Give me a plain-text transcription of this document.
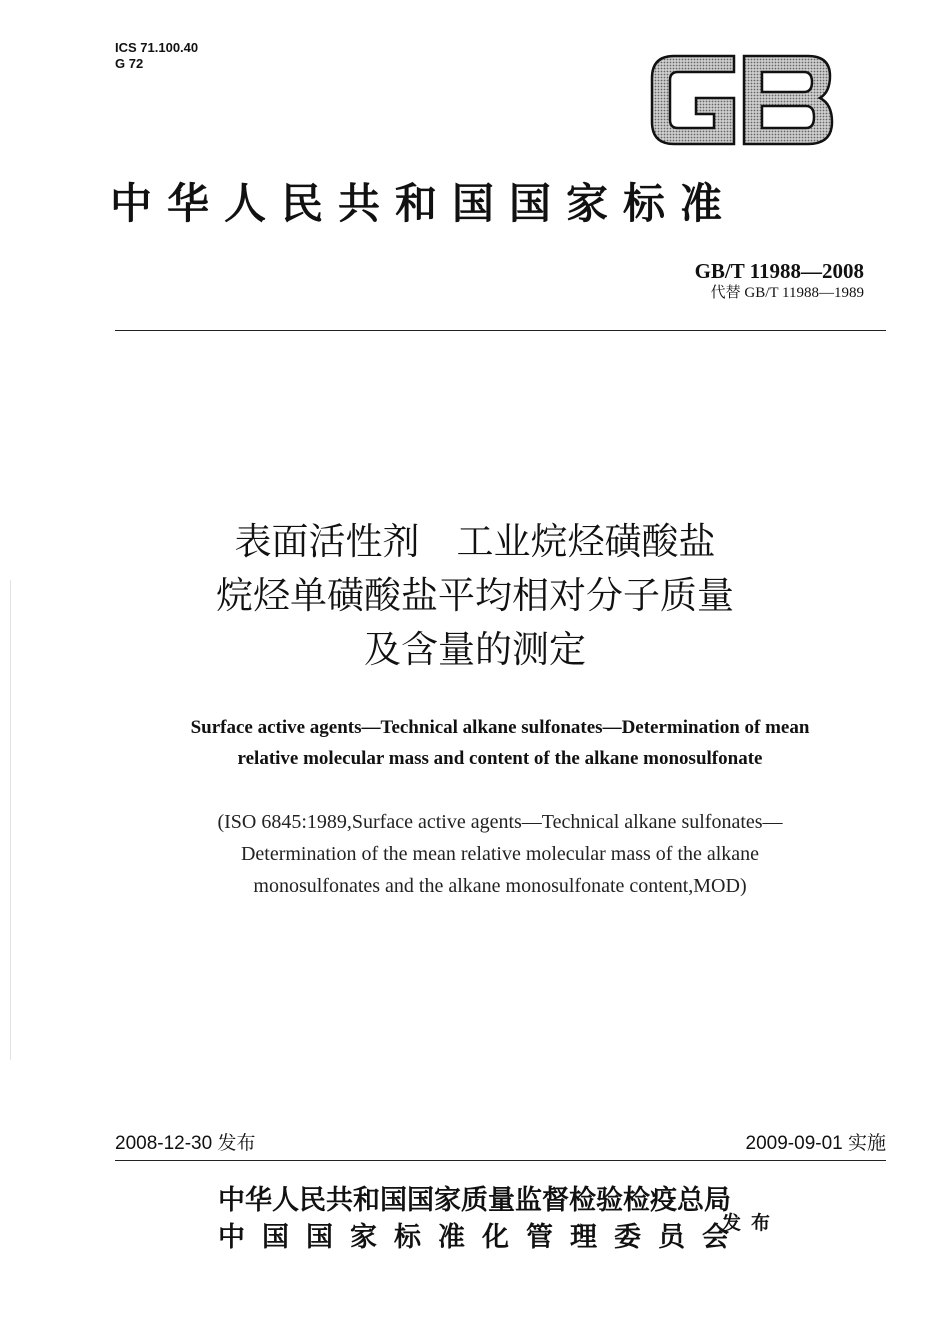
ICS 71.100.40
G 72
中华人民共和国国家标准
GB/T 11988—2008
代替 GB/T 11988—1989
表面活性剂　工业烷烃磺酸盐
烷烃单磺酸盐平均相对分子质量
及含量的测定
Surface active agents—Technical alkane sulfonates—Determination of mean
relative molecular mass and content of the alkane monosulfonate
(ISO 6845:1989,Surface active agents—Technical alkane sulfonates—
Determination of the mean relative molecular mass of the alkane
monosulfonates and the alkane monosulfonate content,MOD)
2008-12-30 发布	2009-09-01 实施
中华人民共和国国家质量监督检验检疫总局
中国国家标准化管理委员会
发布
